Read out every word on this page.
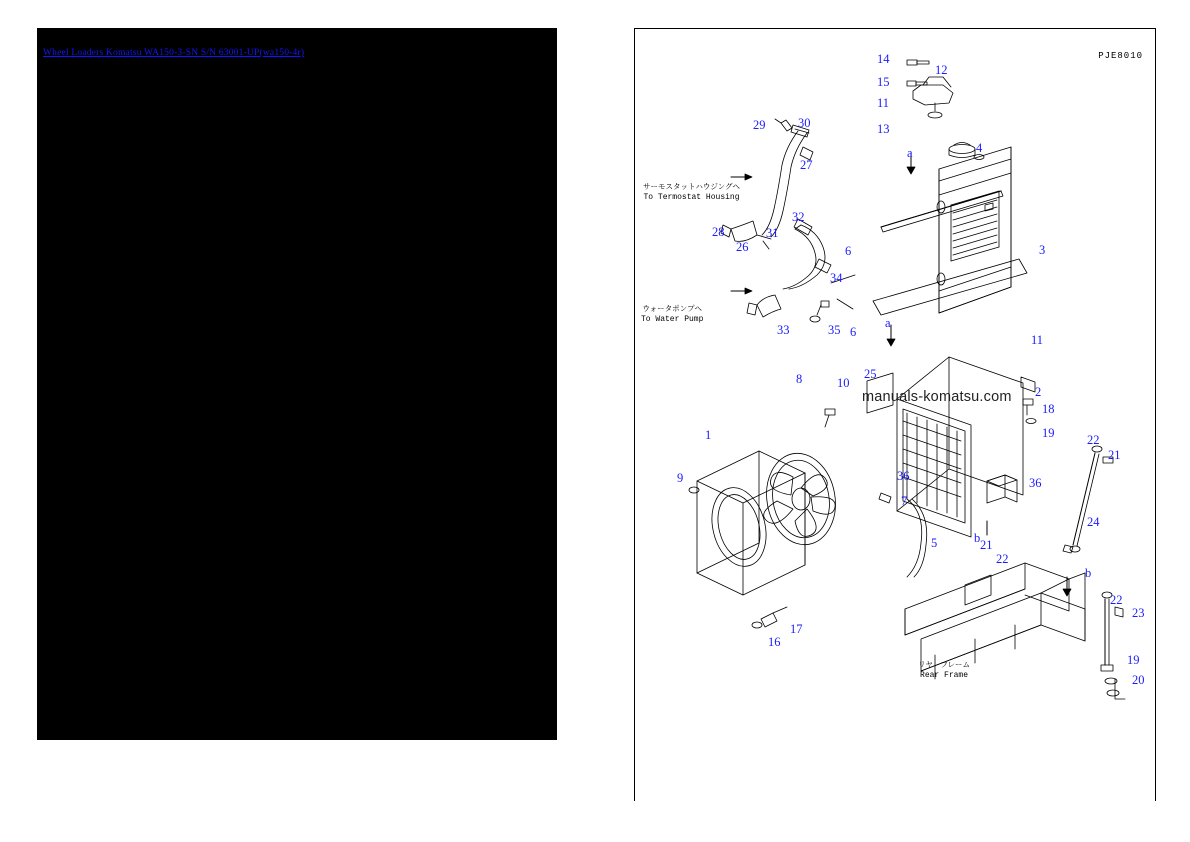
Wheel Loaders Komatsu WA150-3-SN S/N 63001-UP(wa150-4r)	PJE8010
manuals-komatsu.com
サーモスタットハウジングへ
To Termostat Housing
ウォータポンプへ
To Water Pump
リヤ　フレーム
Rear Frame
14
12
15
11
13
4
a
29	30
27
3
32
28
26
31
6
34
33	35 6
a
11
2
25
10
8
18
19	22
21
1
9	36	36
7
5
24
b 21
22
16
17
b
22
23
19
20
